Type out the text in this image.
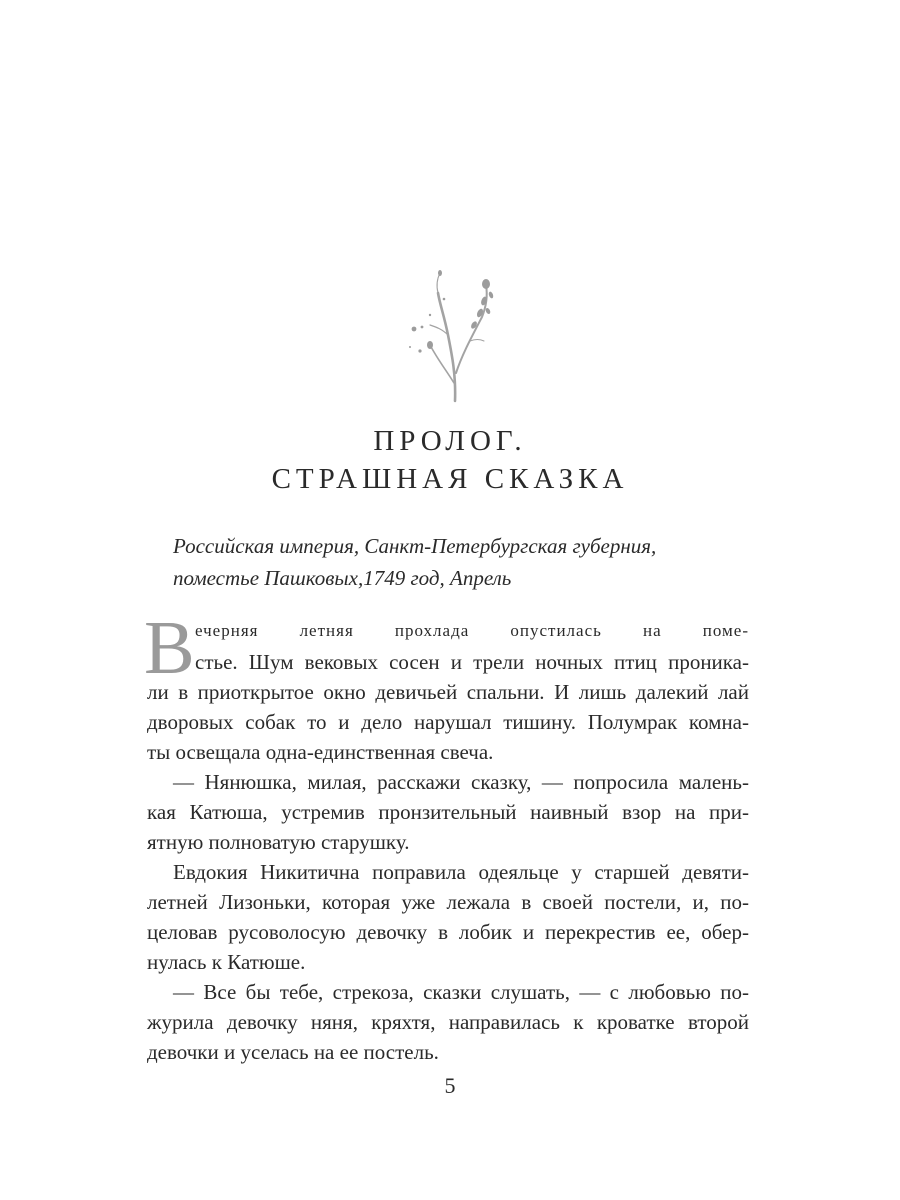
ПРОЛОГ.
СТРАШНАЯ СКАЗКА
Российская империя, Санкт-Петербургская губерния,
поместье Пашковых,1749 год, Апрель
В ечерняя летняя прохлада опустилась на поме-
стье. Шум вековых сосен и трели ночных птиц проника-
ли в приоткрытое окно девичьей спальни. И лишь далекий лай
дворовых собак то и дело нарушал тишину. Полумрак комна-
ты освещала одна-единственная свеча.
— Нянюшка, милая, расскажи сказку, — попросила малень-
кая Катюша, устремив пронзительный наивный взор на при-
ятную полноватую старушку.
Евдокия Никитична поправила одеяльце у старшей девяти-
летней Лизоньки, которая уже лежала в своей постели, и, по-
целовав русоволосую девочку в лобик и перекрестив ее, обер-
нулась к Катюше.
— Все бы тебе, стрекоза, сказки слушать, — с любовью по-
журила девочку няня, кряхтя, направилась к кроватке второй
девочки и уселась на ее постель.
5
